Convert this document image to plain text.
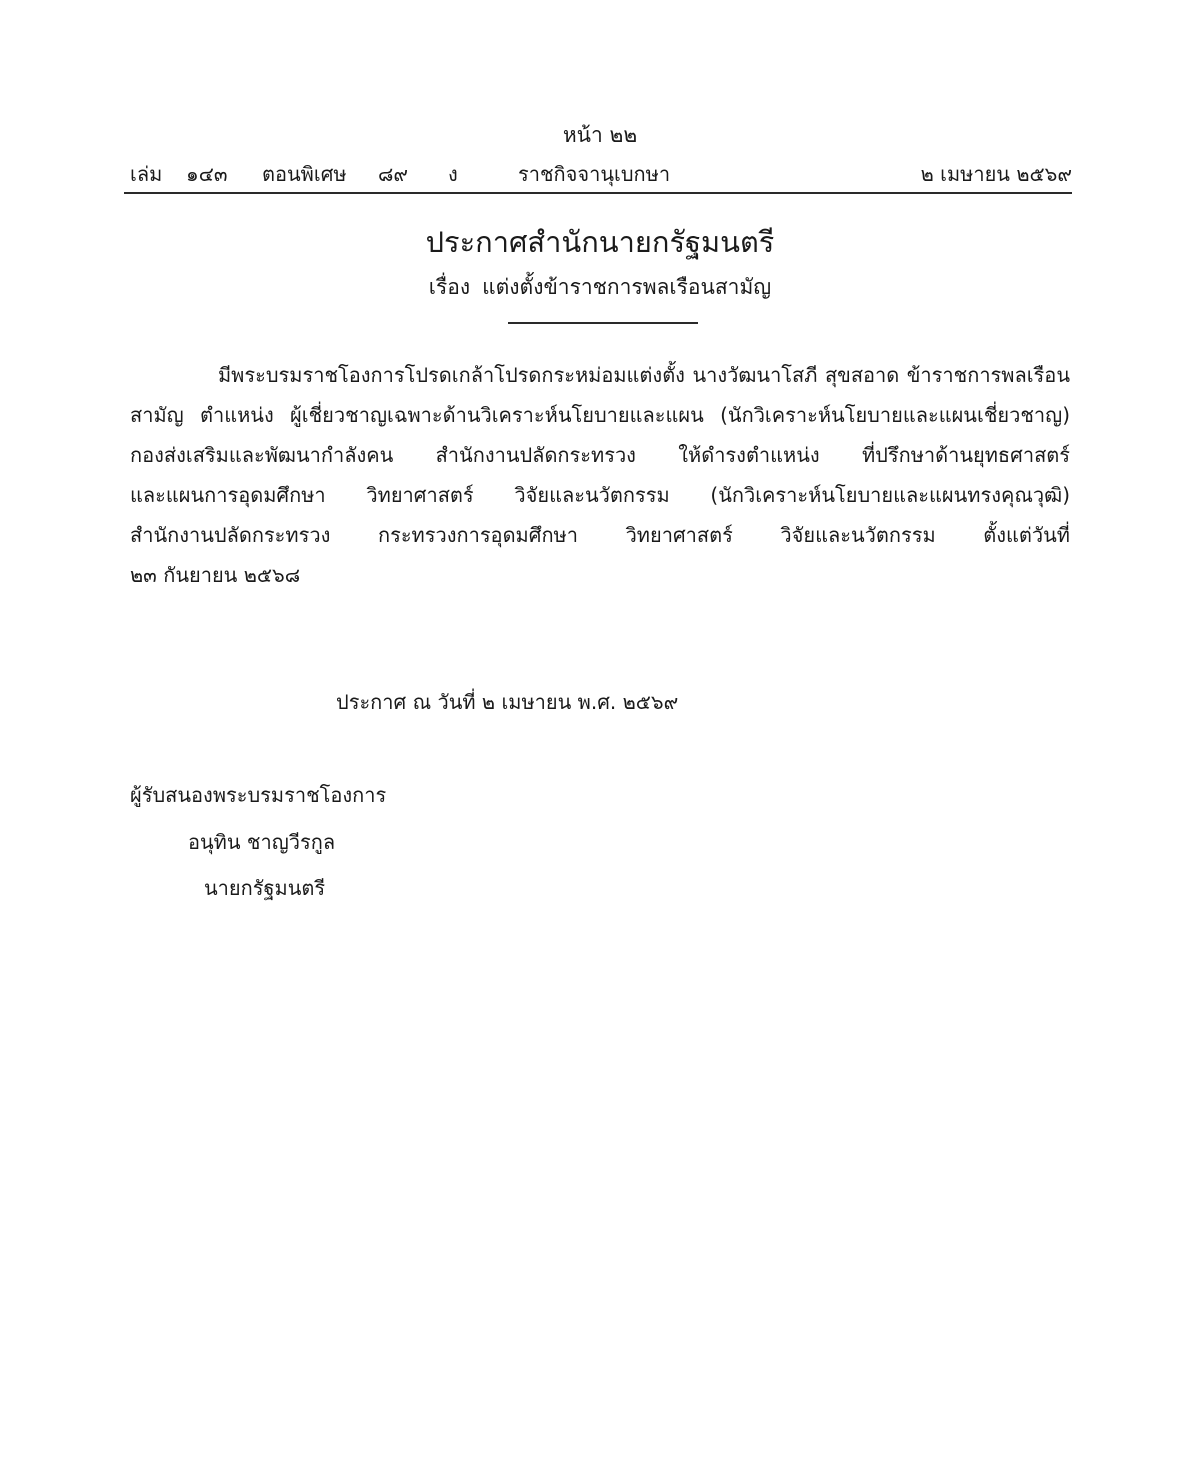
หน้า ๒๒
เล่ม ๑๔๓ ตอนพิเศษ ๘๙ ง	ราชกิจจานุเบกษา	๒ เมษายน ๒๕๖๙
ประกาศสำนักนายกรัฐมนตรี
เรื่อง แต่งตั้งข้าราชการพลเรือนสามัญ
มีพระบรมราชโองการโปรดเกล้าโปรดกระหม่อมแต่งตั้ง นางวัฒนาโสภี สุขสอาด ข้าราชการพลเรือน
สามัญ ตำแหน่ง ผู้เชี่ยวชาญเฉพาะด้านวิเคราะห์นโยบายและแผน (นักวิเคราะห์นโยบายและแผนเชี่ยวชาญ)
กองส่งเสริมและพัฒนากำลังคน สำนักงานปลัดกระทรวง ให้ดำรงตำแหน่ง ที่ปรึกษาด้านยุทธศาสตร์
และแผนการอุดมศึกษา วิทยาศาสตร์ วิจัยและนวัตกรรม (นักวิเคราะห์นโยบายและแผนทรงคุณวุฒิ)
สำนักงานปลัดกระทรวง กระทรวงการอุดมศึกษา วิทยาศาสตร์ วิจัยและนวัตกรรม ตั้งแต่วันที่
๒๓ กันยายน ๒๕๖๘
ประกาศ ณ วันที่ ๒ เมษายน พ.ศ. ๒๕๖๙
ผู้รับสนองพระบรมราชโองการ
อนุทิน ชาญวีรกูล
นายกรัฐมนตรี
